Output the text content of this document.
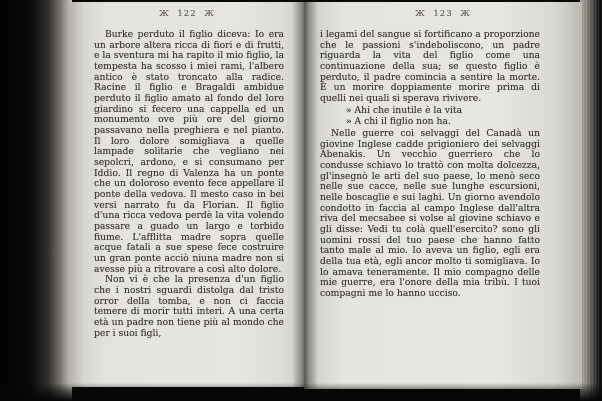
Ж 122 Ж

Burke perduto il figlio diceva: Io era un arbore altera ricca di fiori e di frutti, e la sventura mi ha rapito il mio figlio, la tempesta ha scosso i miei rami, l'albero antico è stato troncato alla radice. Racine il figlio e Bragaldi ambidue perduto il figlio amato al fondo del loro giardino si fecero una cappella ed un monumento ove più ore del giorno passavano nella preghiera e nel pianto. Il loro dolore somigliava a quelle lampade solitarie che vegliano nei sepolcri, ardono, e si consumano per Iddio. Il regno di Valenza ha un ponte che un doloroso evento fece appellare il ponte della vedova. Il mesto caso in bei versi narrato fu da Florian. Il figlio d'una ricca vedova perdè la vita volendo passare a guado un largo e torbido fiume. L'afflitta madre sopra quelle acque fatali a sue spese fece costruire un gran ponte acciò niuna madre non si avesse più a ritrovare a così alto dolore.

Non vi è che la presenza d'un figlio che i nostri sguardi distolga dal tristo orror della tomba, e non ci faccia temere di morir tutti interi. A una certa età un padre non tiene più al mondo che per i suoi figli,

Ж 123 Ж

i legami del sangue si fortificano a proporzione che le passioni s'indeboliscono, un padre riguarda la vita del figlio come una continuazione della sua; se questo figlio è perduto, il padre comincia a sentire la morte. È un morire doppiamente morire prima di quelli nei quali si sperava rivivere.

» Ahi che inutile è la vita

» A chi il figlio non ha.

Nelle guerre coi selvaggi del Canadà un giovine Inglese cadde prigioniero dei selvaggi Abenakis. Un vecchio guerriero che lo condusse schiavo lo trattò con molta dolcezza, gl'insegnò le arti del suo paese, lo menò seco nelle sue cacce, nelle sue lunghe escursioni, nelle boscaglie e sui laghi. Un giorno avendolo condotto in faccia al campo Inglese dall'altra riva del mecsabee si volse al giovine schiavo e gli disse: Vedi tu colà quell'esercito? sono gli uomini rossi del tuo paese che hanno fatto tanto male al mio. Io aveva un figlio, egli era della tua età, egli ancor molto ti somigliava. Io lo amava teneramente. Il mio compagno delle mie guerre, era l'onore della mia tribù. I tuoi compagni me lo hanno ucciso.
